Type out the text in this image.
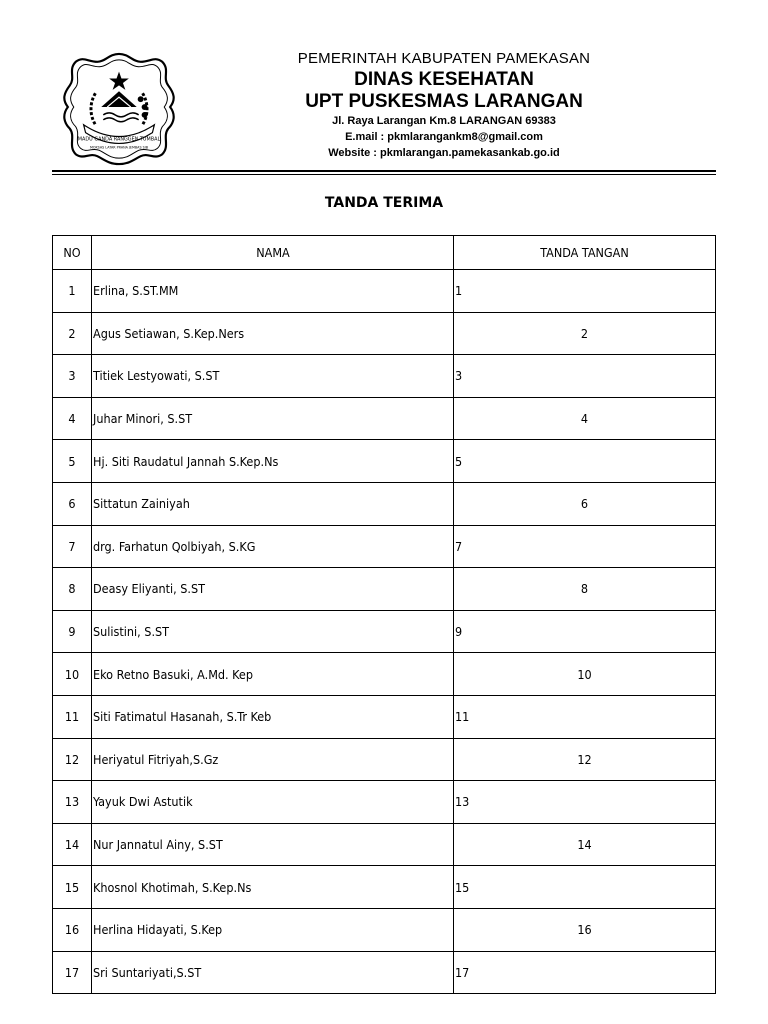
MADU GANDA RANGGEN TUMBAL
MOKSAS LATAR PRANA JEMBAS SIB
PEMERINTAH KABUPATEN PAMEKASAN
DINAS KESEHATAN
UPT PUSKESMAS LARANGAN
Jl. Raya Larangan Km.8 LARANGAN 69383
E.mail : pkmlarangankm8@gmail.com
Website : pkmlarangan.pamekasankab.go.id
TANDA TERIMA
NO	NAMA	TANDA TANGAN
1	Erlina, S.ST.MM	1
2	Agus Setiawan, S.Kep.Ners	2
3	Titiek Lestyowati, S.ST	3
4	Juhar Minori, S.ST	4
5	Hj. Siti Raudatul Jannah S.Kep.Ns	5
6	Sittatun Zainiyah	6
7	drg. Farhatun Qolbiyah, S.KG	7
8	Deasy Eliyanti, S.ST	8
9	Sulistini, S.ST	9
10	Eko Retno Basuki, A.Md. Kep	10
11	Siti Fatimatul Hasanah, S.Tr Keb	11
12	Heriyatul Fitriyah,S.Gz	12
13	Yayuk Dwi Astutik	13
14	Nur Jannatul Ainy, S.ST	14
15	Khosnol Khotimah, S.Kep.Ns	15
16	Herlina Hidayati, S.Kep	16
17	Sri Suntariyati,S.ST	17
